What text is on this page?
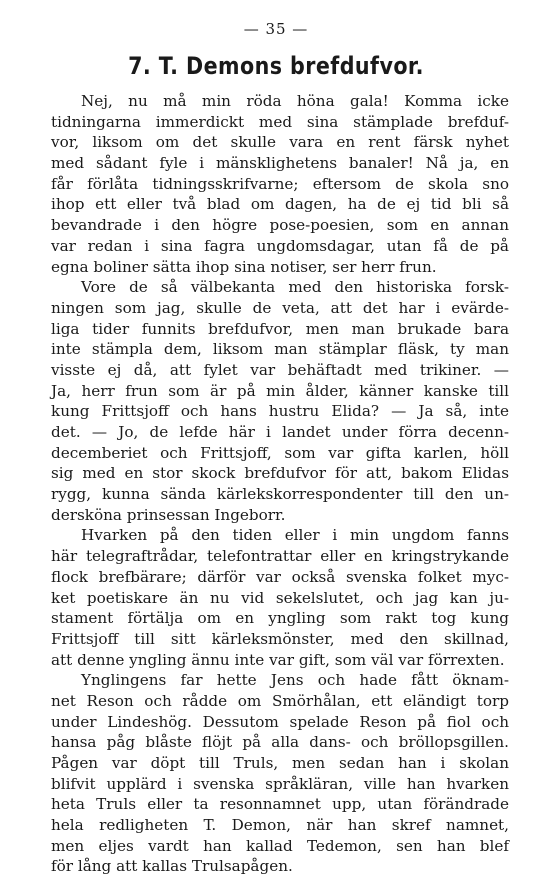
— 35 —
7. T. Demons brefdufvor.
Nej, nu må min röda höna gala! Komma icke
tidningarna immerdickt med sina stämplade brefduf-
vor, liksom om det skulle vara en rent färsk nyhet
med sådant fyle i mänsklighetens banaler! Nå ja, en
får förlåta tidningsskrifvarne; eftersom de skola sno
ihop ett eller två blad om dagen, ha de ej tid bli så
bevandrade i den högre pose-poesien, som en annan
var redan i sina fagra ungdomsdagar, utan få de på
egna boliner sätta ihop sina notiser, ser herr frun.
Vore de så välbekanta med den historiska forsk-
ningen som jag, skulle de veta, att det har i evärde-
liga tider funnits brefdufvor, men man brukade bara
inte stämpla dem, liksom man stämplar fläsk, ty man
visste ej då, att fylet var behäftadt med trikiner. —
Ja, herr frun som är på min ålder, känner kanske till
kung Frittsjoff och hans hustru Elida? — Ja så, inte
det. — Jo, de lefde här i landet under förra decenn-
decemberiet och Frittsjoff, som var gifta karlen, höll
sig med en stor skock brefdufvor för att, bakom Elidas
rygg, kunna sända kärlekskorrespondenter till den un-
dersköna prinsessan Ingeborr.
Hvarken på den tiden eller i min ungdom fanns
här telegraftrådar, telefontrattar eller en kringstrykande
flock brefbärare; därför var också svenska folket myc-
ket poetiskare än nu vid sekelslutet, och jag kan ju-
stament förtälja om en yngling som rakt tog kung
Frittsjoff till sitt kärleksmönster, med den skillnad,
att denne yngling ännu inte var gift, som väl var förrexten.
Ynglingens far hette Jens och hade fått öknam-
net Reson och rådde om Smörhålan, ett eländigt torp
under Lindeshög. Dessutom spelade Reson på fiol och
hansa påg blåste flöjt på alla dans- och bröllopsgillen.
Pågen var döpt till Truls, men sedan han i skolan
blifvit upplärd i svenska språkläran, ville han hvarken
heta Truls eller ta resonnamnet upp, utan förändrade
hela redligheten T. Demon, när han skref namnet,
men eljes vardt han kallad Tedemon, sen han blef
för lång att kallas Trulsapågen.
